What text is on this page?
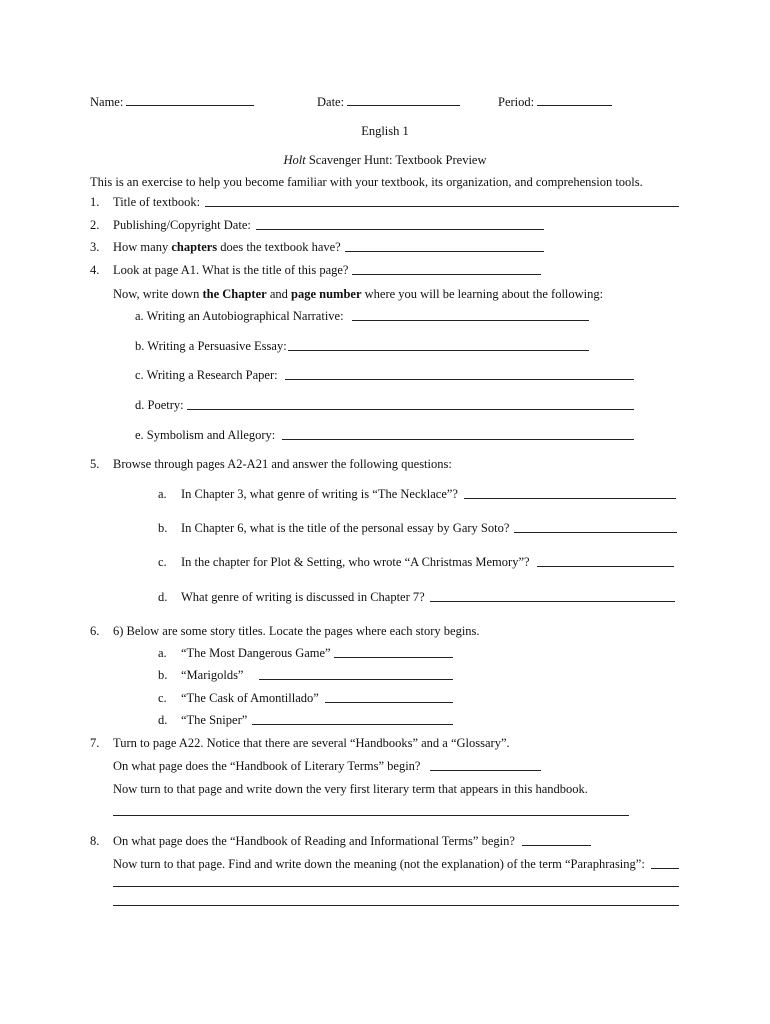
Name:	Date:	Period:
English 1
Holt Scavenger Hunt: Textbook Preview
This is an exercise to help you become familiar with your textbook, its organization, and comprehension tools.
1. Title of textbook:
2. Publishing/Copyright Date:
3. How many chapters does the textbook have?
4. Look at page A1. What is the title of this page?
Now, write down the Chapter and page number where you will be learning about the following:
a. Writing an Autobiographical Narrative:
b. Writing a Persuasive Essay:
c. Writing a Research Paper:
d. Poetry:
e. Symbolism and Allegory:
5. Browse through pages A2-A21 and answer the following questions:
a. In Chapter 3, what genre of writing is “The Necklace”?
b. In Chapter 6, what is the title of the personal essay by Gary Soto?
c. In the chapter for Plot & Setting, who wrote “A Christmas Memory”?
d. What genre of writing is discussed in Chapter 7?
6. 6) Below are some story titles. Locate the pages where each story begins.
a. “The Most Dangerous Game”
b. “Marigolds”
c. “The Cask of Amontillado”
d. “The Sniper”
7. Turn to page A22. Notice that there are several “Handbooks” and a “Glossary”.
On what page does the “Handbook of Literary Terms” begin?
Now turn to that page and write down the very first literary term that appears in this handbook.
8. On what page does the “Handbook of Reading and Informational Terms” begin?
Now turn to that page. Find and write down the meaning (not the explanation) of the term “Paraphrasing”:
